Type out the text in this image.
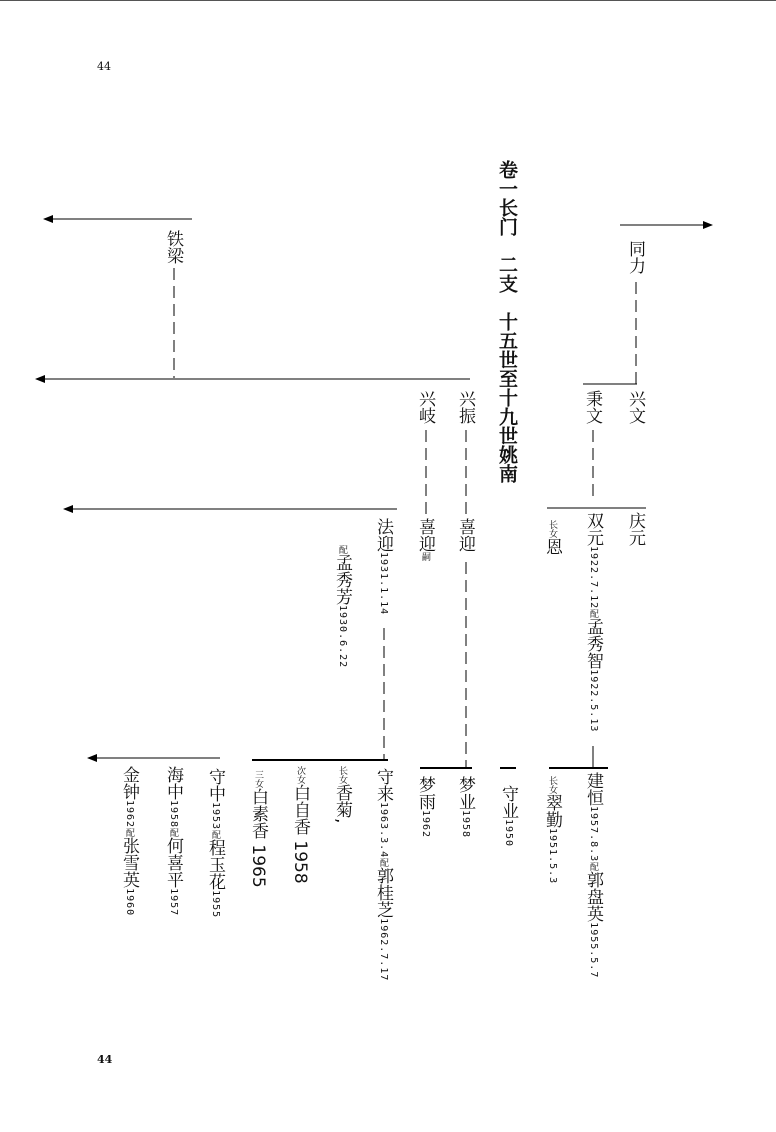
44
44
卷一长门　二支　十五世至十九世姚南
铁梁	同力
兴文
秉文
兴振
兴岐
庆元
双元1922.7.12配孟秀智1922.5.13
长女恩
喜迎
喜迎嗣
法迎1931.1.14
配孟秀芳1930.6.22
建恒1957.8.3配郭盘英1955.5.7
长女翠勤1951.5.3
守业1950
梦业1958
梦雨1962
守来1963.3.4配郭桂芝1962.7.17
长女香菊,
次女白自香 1958
三女白素香 1965
守中1953配程玉花1955
海中1958配何喜平1957
金钟1962配张雪英1960
